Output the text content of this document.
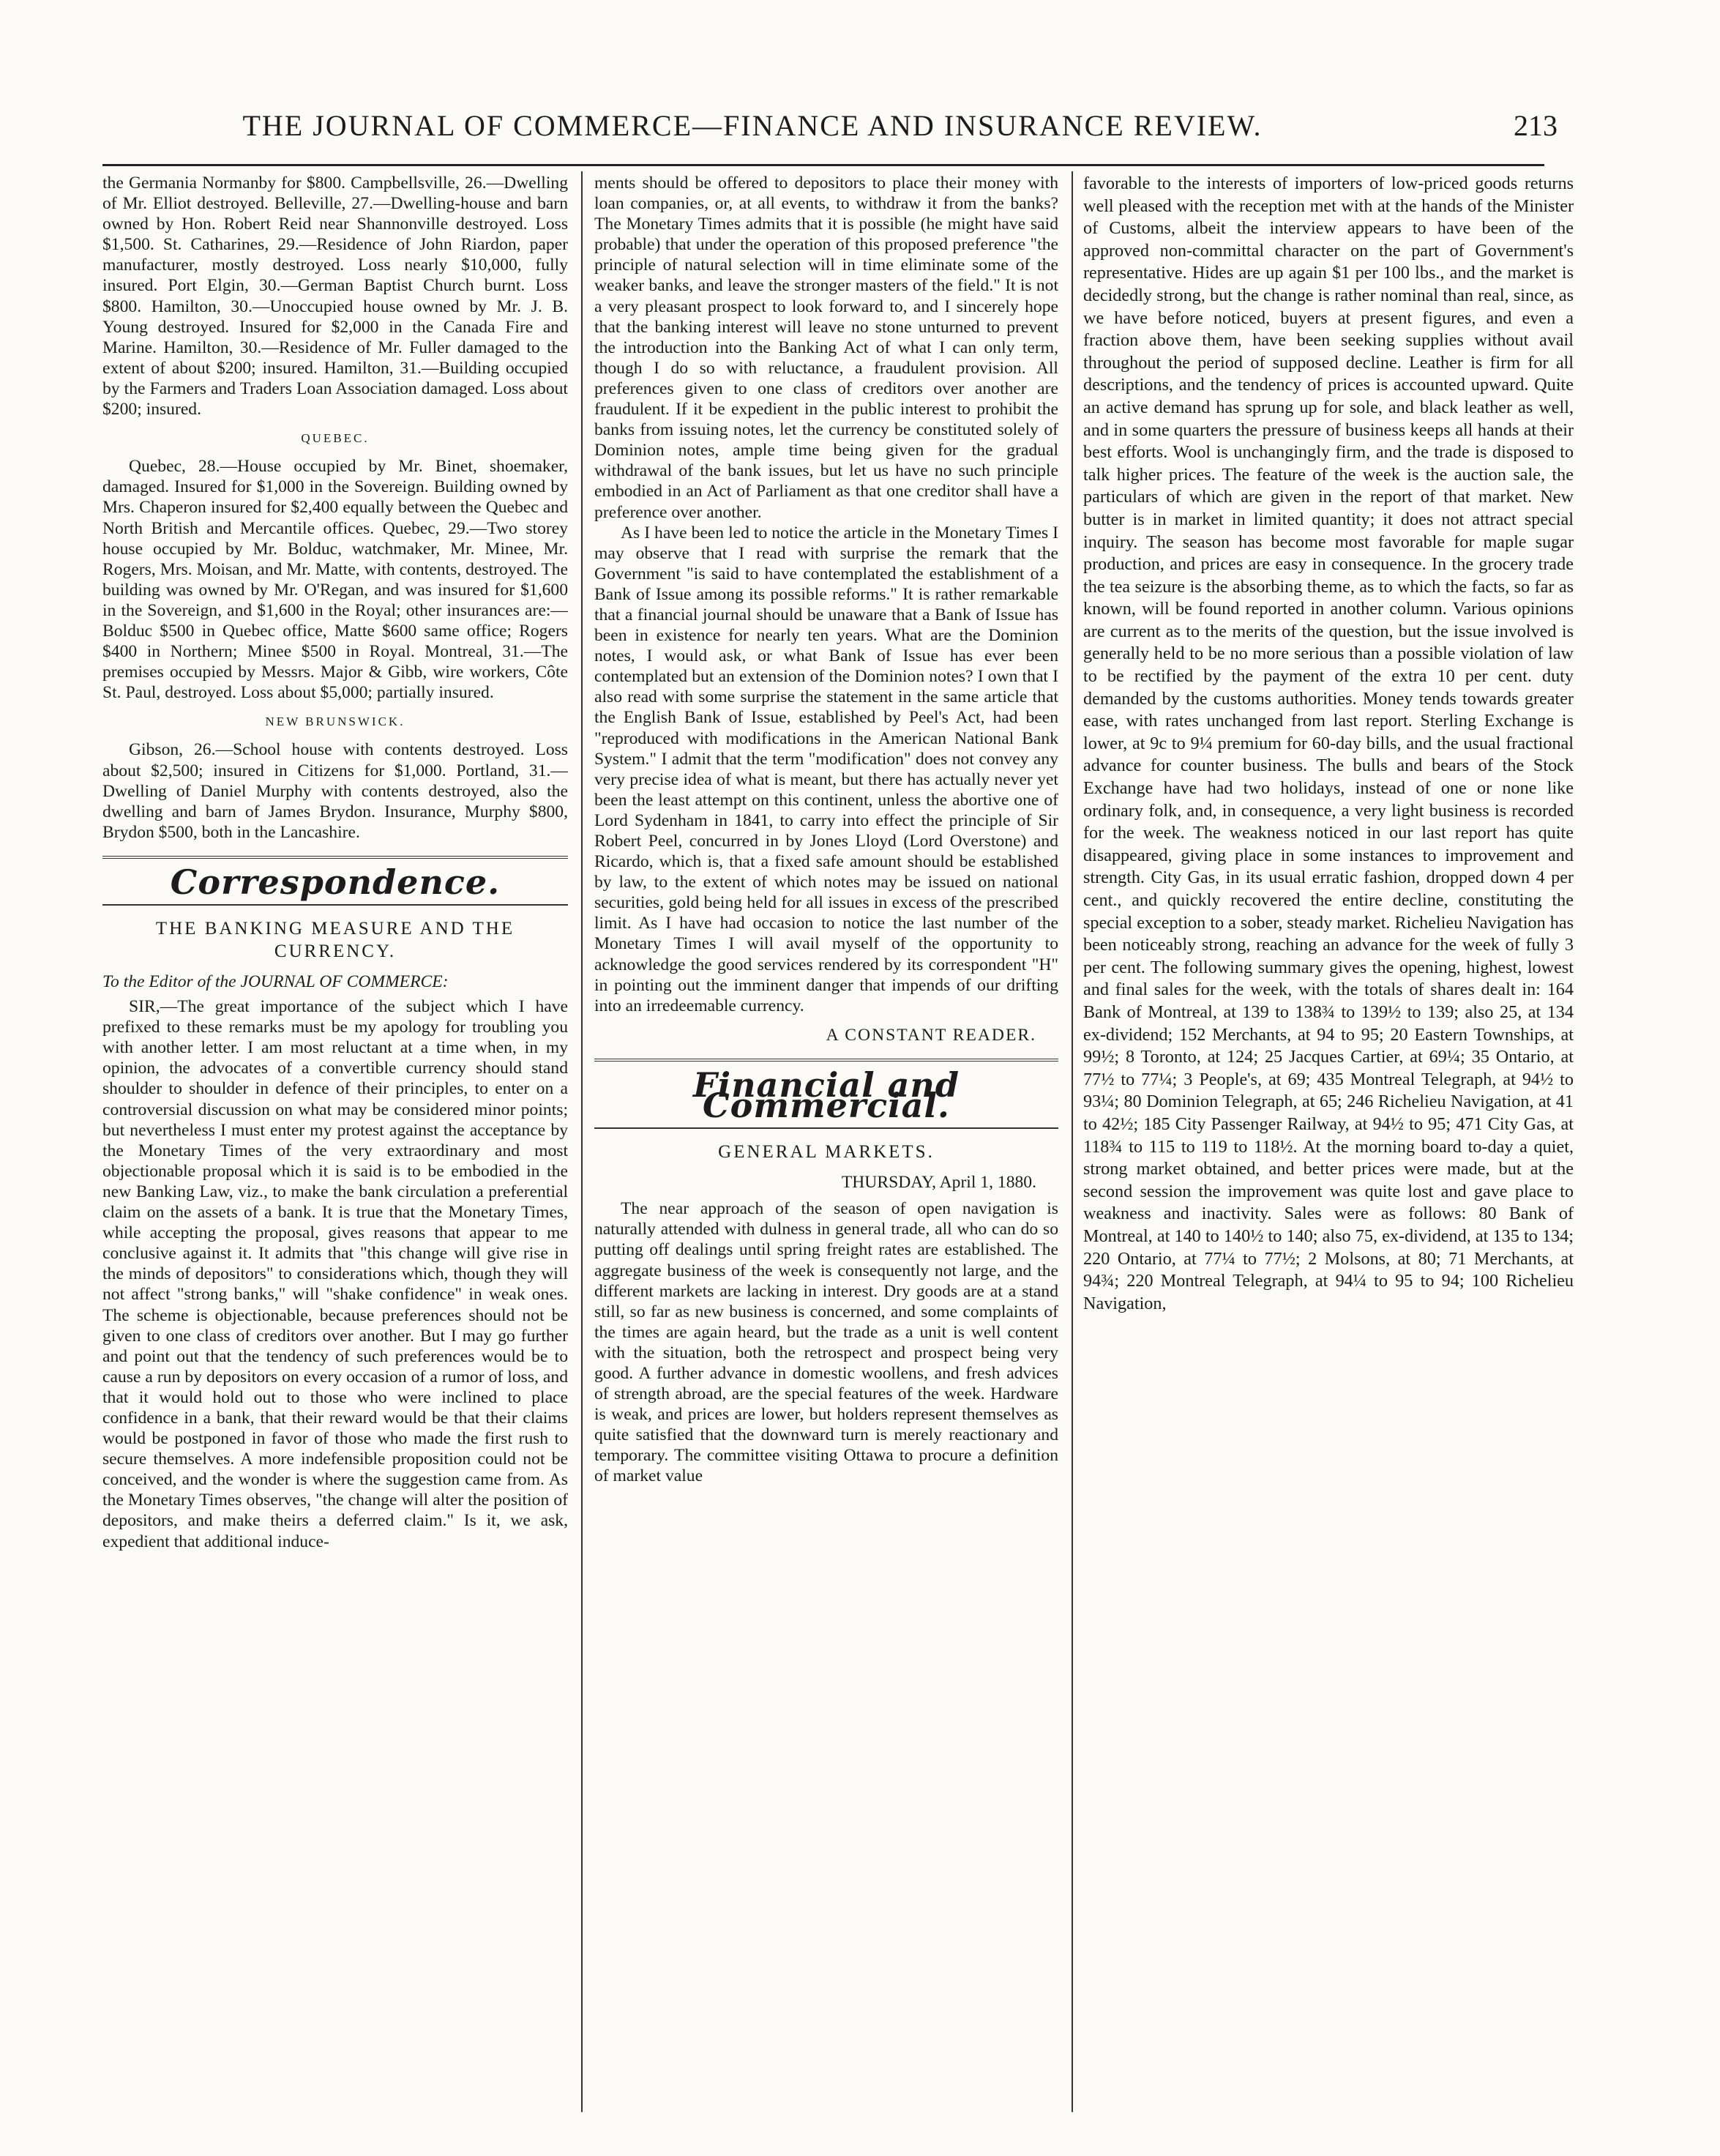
THE JOURNAL OF COMMERCE—FINANCE AND INSURANCE REVIEW.	213

the Germania Normanby for $800. Campbellsville, 26.—Dwelling of Mr. Elliot destroyed. Belleville, 27.—Dwelling-house and barn owned by Hon. Robert Reid near Shannonville destroyed. Loss $1,500. St. Catharines, 29.—Residence of John Riardon, paper manufacturer, mostly destroyed. Loss nearly $10,000, fully insured. Port Elgin, 30.—German Baptist Church burnt. Loss $800. Hamilton, 30.—Unoccupied house owned by Mr. J. B. Young destroyed. Insured for $2,000 in the Canada Fire and Marine. Hamilton, 30.—Residence of Mr. Fuller damaged to the extent of about $200; insured. Hamilton, 31.—Building occupied by the Farmers and Traders Loan Association damaged. Loss about $200; insured.

QUEBEC.

Quebec, 28.—House occupied by Mr. Binet, shoemaker, damaged. Insured for $1,000 in the Sovereign. Building owned by Mrs. Chaperon insured for $2,400 equally between the Quebec and North British and Mercantile offices. Quebec, 29.—Two storey house occupied by Mr. Bolduc, watchmaker, Mr. Minee, Mr. Rogers, Mrs. Moisan, and Mr. Matte, with contents, destroyed. The building was owned by Mr. O'Regan, and was insured for $1,600 in the Sovereign, and $1,600 in the Royal; other insurances are:—Bolduc $500 in Quebec office, Matte $600 same office; Rogers $400 in Northern; Minee $500 in Royal. Montreal, 31.—The premises occupied by Messrs. Major & Gibb, wire workers, Côte St. Paul, destroyed. Loss about $5,000; partially insured.

NEW BRUNSWICK.

Gibson, 26.—School house with contents destroyed. Loss about $2,500; insured in Citizens for $1,000. Portland, 31.—Dwelling of Daniel Murphy with contents destroyed, also the dwelling and barn of James Brydon. Insurance, Murphy $800, Brydon $500, both in the Lancashire.

Correspondence.
THE BANKING MEASURE AND THE CURRENCY.
To the Editor of the JOURNAL OF COMMERCE:

SIR,—The great importance of the subject which I have prefixed to these remarks must be my apology for troubling you with another letter. I am most reluctant at a time when, in my opinion, the advocates of a convertible currency should stand shoulder to shoulder in defence of their principles, to enter on a controversial discussion on what may be considered minor points; but nevertheless I must enter my protest against the acceptance by the Monetary Times of the very extraordinary and most objectionable proposal which it is said is to be embodied in the new Banking Law, viz., to make the bank circulation a preferential claim on the assets of a bank. It is true that the Monetary Times, while accepting the proposal, gives reasons that appear to me conclusive against it. It admits that "this change will give rise in the minds of depositors" to considerations which, though they will not affect "strong banks," will "shake confidence" in weak ones. The scheme is objectionable, because preferences should not be given to one class of creditors over another. But I may go further and point out that the tendency of such preferences would be to cause a run by depositors on every occasion of a rumor of loss, and that it would hold out to those who were inclined to place confidence in a bank, that their reward would be that their claims would be postponed in favor of those who made the first rush to secure themselves. A more indefensible proposition could not be conceived, and the wonder is where the suggestion came from. As the Monetary Times observes, "the change will alter the position of depositors, and make theirs a deferred claim." Is it, we ask, expedient that additional induce-

ments should be offered to depositors to place their money with loan companies, or, at all events, to withdraw it from the banks? The Monetary Times admits that it is possible (he might have said probable) that under the operation of this proposed preference "the principle of natural selection will in time eliminate some of the weaker banks, and leave the stronger masters of the field." It is not a very pleasant prospect to look forward to, and I sincerely hope that the banking interest will leave no stone unturned to prevent the introduction into the Banking Act of what I can only term, though I do so with reluctance, a fraudulent provision. All preferences given to one class of creditors over another are fraudulent. If it be expedient in the public interest to prohibit the banks from issuing notes, let the currency be constituted solely of Dominion notes, ample time being given for the gradual withdrawal of the bank issues, but let us have no such principle embodied in an Act of Parliament as that one creditor shall have a preference over another.

As I have been led to notice the article in the Monetary Times I may observe that I read with surprise the remark that the Government "is said to have contemplated the establishment of a Bank of Issue among its possible reforms." It is rather remarkable that a financial journal should be unaware that a Bank of Issue has been in existence for nearly ten years. What are the Dominion notes, I would ask, or what Bank of Issue has ever been contemplated but an extension of the Dominion notes? I own that I also read with some surprise the statement in the same article that the English Bank of Issue, established by Peel's Act, had been "reproduced with modifications in the American National Bank System." I admit that the term "modification" does not convey any very precise idea of what is meant, but there has actually never yet been the least attempt on this continent, unless the abortive one of Lord Sydenham in 1841, to carry into effect the principle of Sir Robert Peel, concurred in by Jones Lloyd (Lord Overstone) and Ricardo, which is, that a fixed safe amount should be established by law, to the extent of which notes may be issued on national securities, gold being held for all issues in excess of the prescribed limit. As I have had occasion to notice the last number of the Monetary Times I will avail myself of the opportunity to acknowledge the good services rendered by its correspondent "H" in pointing out the imminent danger that impends of our drifting into an irredeemable currency.

A CONSTANT READER.
Financial and Commercial.
GENERAL MARKETS.
THURSDAY, April 1, 1880.

The near approach of the season of open navigation is naturally attended with dulness in general trade, all who can do so putting off dealings until spring freight rates are established. The aggregate business of the week is consequently not large, and the different markets are lacking in interest. Dry goods are at a stand still, so far as new business is concerned, and some complaints of the times are again heard, but the trade as a unit is well content with the situation, both the retrospect and prospect being very good. A further advance in domestic woollens, and fresh advices of strength abroad, are the special features of the week. Hardware is weak, and prices are lower, but holders represent themselves as quite satisfied that the downward turn is merely reactionary and temporary. The committee visiting Ottawa to procure a definition of market value

favorable to the interests of importers of low-priced goods returns well pleased with the reception met with at the hands of the Minister of Customs, albeit the interview appears to have been of the approved non-committal character on the part of Government's representative. Hides are up again $1 per 100 lbs., and the market is decidedly strong, but the change is rather nominal than real, since, as we have before noticed, buyers at present figures, and even a fraction above them, have been seeking supplies without avail throughout the period of supposed decline. Leather is firm for all descriptions, and the tendency of prices is accounted upward. Quite an active demand has sprung up for sole, and black leather as well, and in some quarters the pressure of business keeps all hands at their best efforts. Wool is unchangingly firm, and the trade is disposed to talk higher prices. The feature of the week is the auction sale, the particulars of which are given in the report of that market. New butter is in market in limited quantity; it does not attract special inquiry. The season has become most favorable for maple sugar production, and prices are easy in consequence. In the grocery trade the tea seizure is the absorbing theme, as to which the facts, so far as known, will be found reported in another column. Various opinions are current as to the merits of the question, but the issue involved is generally held to be no more serious than a possible violation of law to be rectified by the payment of the extra 10 per cent. duty demanded by the customs authorities. Money tends towards greater ease, with rates unchanged from last report. Sterling Exchange is lower, at 9c to 9¼ premium for 60-day bills, and the usual fractional advance for counter business. The bulls and bears of the Stock Exchange have had two holidays, instead of one or none like ordinary folk, and, in consequence, a very light business is recorded for the week. The weakness noticed in our last report has quite disappeared, giving place in some instances to improvement and strength. City Gas, in its usual erratic fashion, dropped down 4 per cent., and quickly recovered the entire decline, constituting the special exception to a sober, steady market. Richelieu Navigation has been noticeably strong, reaching an advance for the week of fully 3 per cent. The following summary gives the opening, highest, lowest and final sales for the week, with the totals of shares dealt in: 164 Bank of Montreal, at 139 to 138¾ to 139½ to 139; also 25, at 134 ex-dividend; 152 Merchants, at 94 to 95; 20 Eastern Townships, at 99½; 8 Toronto, at 124; 25 Jacques Cartier, at 69¼; 35 Ontario, at 77½ to 77¼; 3 People's, at 69; 435 Montreal Telegraph, at 94½ to 93¼; 80 Dominion Telegraph, at 65; 246 Richelieu Navigation, at 41 to 42½; 185 City Passenger Railway, at 94½ to 95; 471 City Gas, at 118¾ to 115 to 119 to 118½. At the morning board to-day a quiet, strong market obtained, and better prices were made, but at the second session the improvement was quite lost and gave place to weakness and inactivity. Sales were as follows: 80 Bank of Montreal, at 140 to 140½ to 140; also 75, ex-dividend, at 135 to 134; 220 Ontario, at 77¼ to 77½; 2 Molsons, at 80; 71 Merchants, at 94¾; 220 Montreal Telegraph, at 94¼ to 95 to 94; 100 Richelieu Navigation,
